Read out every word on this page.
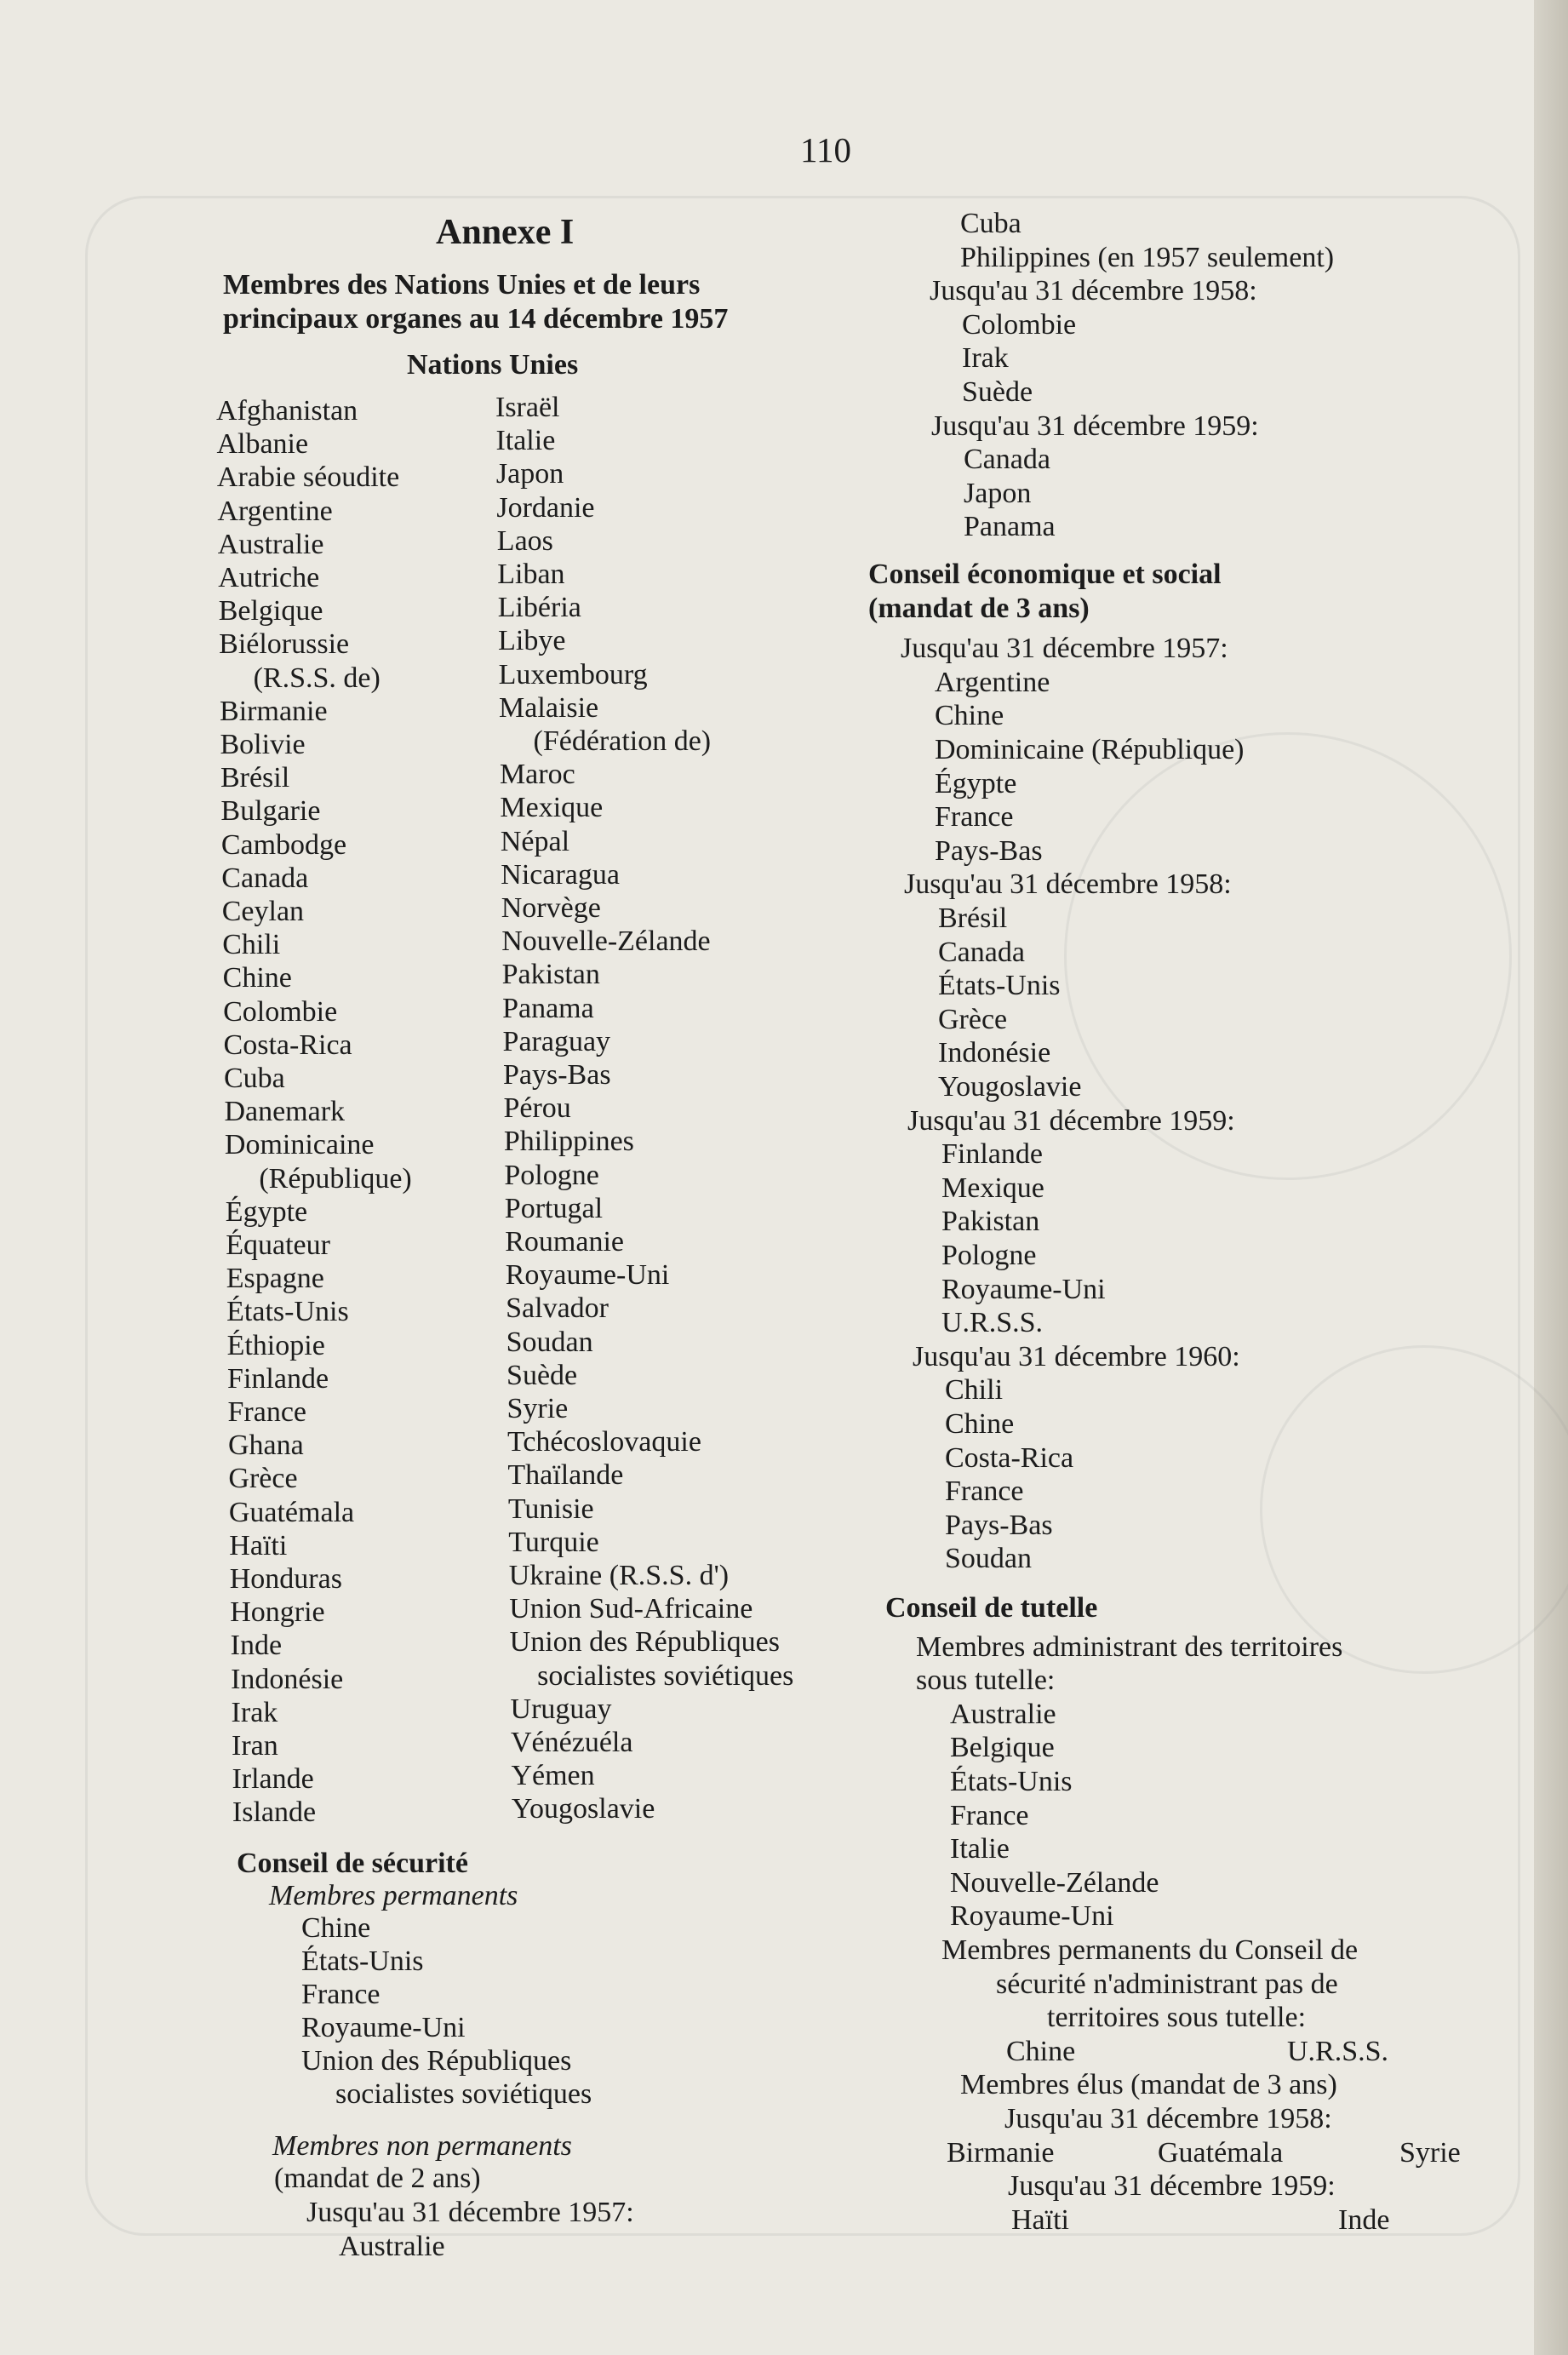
110
Annexe I
Membres des Nations Unies et de leurs
principaux organes au 14 décembre 1957
Nations Unies
Afghanistan
Albanie
Arabie séoudite
Argentine
Australie
Autriche
Belgique
Biélorussie
(R.S.S. de)
Birmanie
Bolivie
Brésil
Bulgarie
Cambodge
Canada
Ceylan
Chili
Chine
Colombie
Costa-Rica
Cuba
Danemark
Dominicaine
(République)
Égypte
Équateur
Espagne
États-Unis
Éthiopie
Finlande
France
Ghana
Grèce
Guatémala
Haïti
Honduras
Hongrie
Inde
Indonésie
Irak
Iran
Irlande
Islande
Israël
Italie
Japon
Jordanie
Laos
Liban
Libéria
Libye
Luxembourg
Malaisie
(Fédération de)
Maroc
Mexique
Népal
Nicaragua
Norvège
Nouvelle-Zélande
Pakistan
Panama
Paraguay
Pays-Bas
Pérou
Philippines
Pologne
Portugal
Roumanie
Royaume-Uni
Salvador
Soudan
Suède
Syrie
Tchécoslovaquie
Thaïlande
Tunisie
Turquie
Ukraine (R.S.S. d')
Union Sud-Africaine
Union des Républiques
socialistes soviétiques
Uruguay
Vénézuéla
Yémen
Yougoslavie
Conseil de sécurité
Membres permanents
Chine
États-Unis
France
Royaume-Uni
Union des Républiques
socialistes soviétiques
Membres non permanents
(mandat de 2 ans)
Jusqu'au 31 décembre 1957:
Australie
Cuba
Philippines (en 1957 seulement)
Jusqu'au 31 décembre 1958:
Colombie
Irak
Suède
Jusqu'au 31 décembre 1959:
Canada
Japon
Panama
Conseil économique et social
(mandat de 3 ans)
Jusqu'au 31 décembre 1957:
Argentine
Chine
Dominicaine (République)
Égypte
France
Pays-Bas
Jusqu'au 31 décembre 1958:
Brésil
Canada
États-Unis
Grèce
Indonésie
Yougoslavie
Jusqu'au 31 décembre 1959:
Finlande
Mexique
Pakistan
Pologne
Royaume-Uni
U.R.S.S.
Jusqu'au 31 décembre 1960:
Chili
Chine
Costa-Rica
France
Pays-Bas
Soudan
Conseil de tutelle
Membres administrant des territoires
sous tutelle:
Australie
Belgique
États-Unis
France
Italie
Nouvelle-Zélande
Royaume-Uni
Membres permanents du Conseil de
sécurité n'administrant pas de
territoires sous tutelle:
Chine	U.R.S.S.
Membres élus (mandat de 3 ans)
Jusqu'au 31 décembre 1958:
Birmanie	Guatémala	Syrie
Jusqu'au 31 décembre 1959:
Haïti	Inde
